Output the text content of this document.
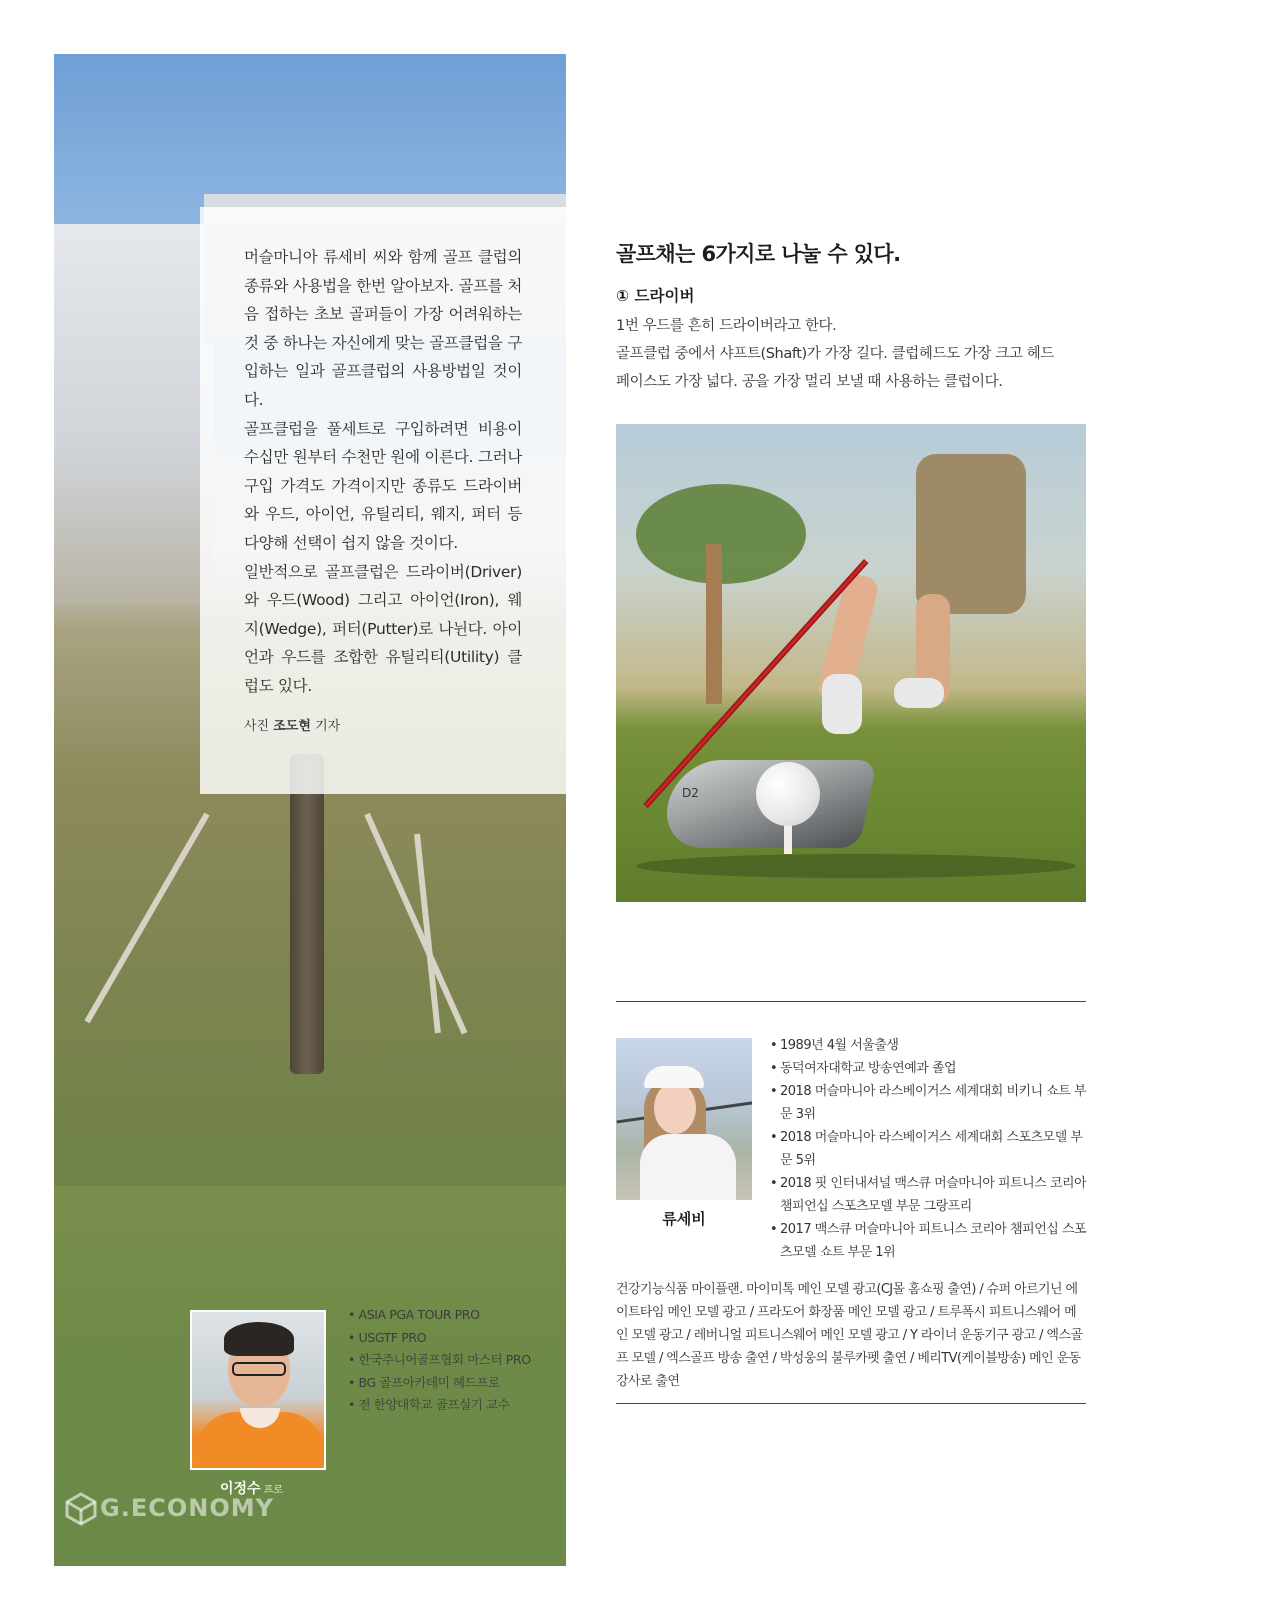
머슬마니아 류세비 씨와 함께 골프 클럽의 종류와 사용법을 한번 알아보자. 골프를 처음 접하는 초보 골퍼들이 가장 어려워하는 것 중 하나는 자신에게 맞는 골프클럽을 구입하는 일과 골프클럽의 사용방법일 것이다.

골프클럽을 풀세트로 구입하려면 비용이 수십만 원부터 수천만 원에 이른다. 그러나 구입 가격도 가격이지만 종류도 드라이버와 우드, 아이언, 유틸리티, 웨지, 퍼터 등 다양해 선택이 쉽지 않을 것이다.

일반적으로 골프클럽은 드라이버(Driver)와 우드(Wood) 그리고 아이언(Iron), 웨지(Wedge), 퍼터(Putter)로 나뉜다. 아이언과 우드를 조합한 유틸리티(Utility) 클럽도 있다.

사진 조도현 기자
• ASIA PGA TOUR PRO
• USGTF PRO
• 한국주니어골프협회 마스터 PRO
• BG 골프아카데미 헤드프로
• 전 한양대학교 골프실기 교수
이정수 프로
G.ECONOMY
골프채는 6가지로 나눌 수 있다.
① 드라이버

1번 우드를 흔히 드라이버라고 한다.

골프클럽 중에서 샤프트(Shaft)가 가장 길다. 클럽헤드도 가장 크고 헤드

페이스도 가장 넓다. 공을 가장 멀리 보낼 때 사용하는 클럽이다.

D2
류세비
• 1989년 4월 서울출생
• 동덕여자대학교 방송연예과 졸업
• 2018 머슬마니아 라스베이거스 세계대회 비키니 쇼트 부문 3위
• 2018 머슬마니아 라스베이거스 세계대회 스포츠모델 부문 5위
• 2018 핏 인터내셔널 맥스큐 머슬마니아 피트니스 코리아 챔피언십 스포츠모델 부문 그랑프리
• 2017 맥스큐 머슬마니아 피트니스 코리아 챔피언십 스포츠모델 쇼트 부문 1위

건강기능식품 마이플랜. 마이미톡 메인 모델 광고(CJ몰 홈쇼핑 출연) / 슈퍼 아르기닌 에이트타임 메인 모델 광고 / 프라도어 화장품 메인 모델 광고 / 트루폭시 피트니스웨어 메인 모델 광고 / 레버니얼 피트니스웨어 메인 모델 광고 / Y 라이너 운동기구 광고 / 엑스골프 모델 / 엑스골프 방송 출연 / 박성웅의 불루카펫 출연 / 베리TV(케이블방송) 메인 운동강사로 출연
